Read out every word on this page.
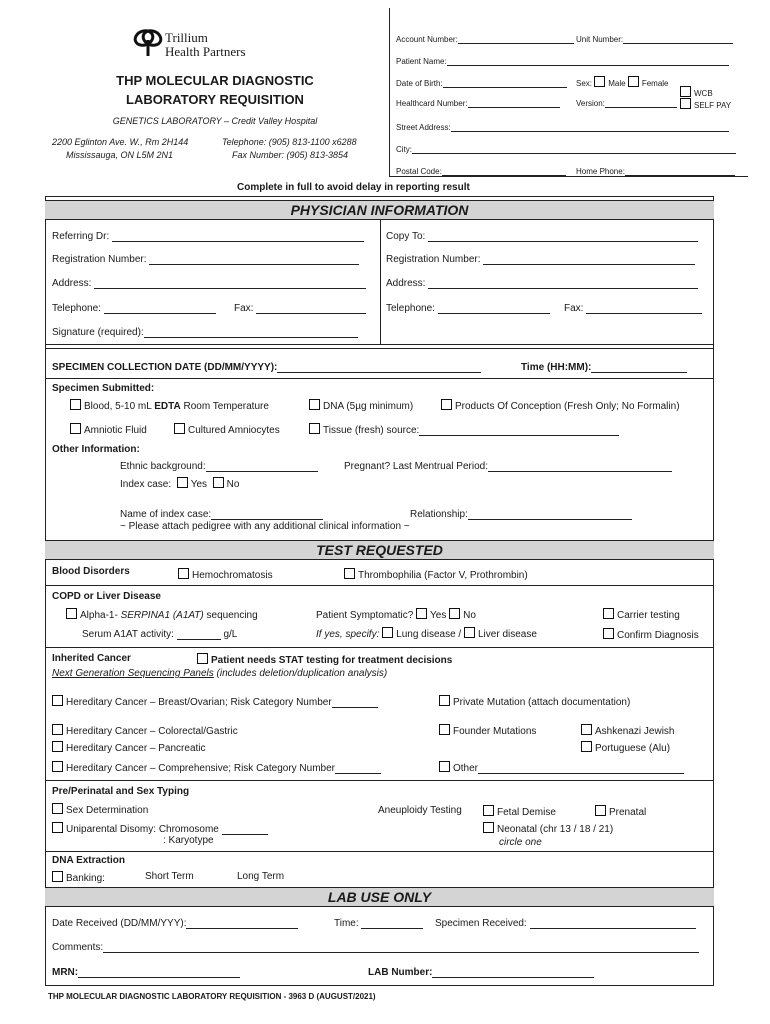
Trillium
Health Partners
THP MOLECULAR DIAGNOSTIC
LABORATORY REQUISITION
GENETICS LABORATORY – Credit Valley Hospital
2200 Eglinton Ave. W., Rm 2H144
Mississauga, ON L5M 2N1
Telephone: (905) 813-1100 x6288
Fax Number: (905) 813-3854
Account Number:	Unit Number:
Patient Name:
Date of Birth:	Sex: Male Female
WCB
SELF PAY
Healthcard Number:	Version:
Street Address:
City:
Postal Code:	Home Phone:
Complete in full to avoid delay in reporting result
PHYSICIAN INFORMATION
Referring Dr:	Copy To:
Registration Number:	Registration Number:
Address:	Address:
Telephone:	Fax:	Telephone:	Fax:
Signature (required):
SPECIMEN COLLECTION DATE (DD/MM/YYYY):	Time (HH:MM):
Specimen Submitted:
Blood, 5-10 mL EDTA Room Temperature	DNA (5µg minimum)	Products Of Conception (Fresh Only; No Formalin)
Amniotic Fluid	Cultured Amniocytes	Tissue (fresh) source:
Other Information:
Ethnic background:	Pregnant? Last Mentrual Period:
Index case: Yes No
Name of index case:	Relationship:
~ Please attach pedigree with any additional clinical information ~
TEST REQUESTED
Blood Disorders	Hemochromatosis	Thrombophilia (Factor V, Prothrombin)
COPD or Liver Disease
Alpha-1- SERPINA1 (A1AT) sequencing	Patient Symptomatic? Yes No	Carrier testing
Serum A1AT activity:	g/L	If yes, specify: Lung disease / Liver disease	Confirm Diagnosis
Inherited Cancer	Patient needs STAT testing for treatment decisions
Next Generation Sequencing Panels (includes deletion/duplication analysis)
Hereditary Cancer – Breast/Ovarian; Risk Category Number	Private Mutation (attach documentation)
Hereditary Cancer – Colorectal/Gastric	Founder Mutations	Ashkenazi Jewish
Hereditary Cancer – Pancreatic	Portuguese (Alu)
Hereditary Cancer – Comprehensive; Risk Category Number	Other
Pre/Perinatal and Sex Typing
Sex Determination	Aneuploidy Testing	Fetal Demise	Prenatal
Uniparental Disomy: Chromosome	Neonatal (chr 13 / 18 / 21)
: Karyotype	circle one
DNA Extraction
Banking:	Short Term	Long Term
LAB USE ONLY
Date Received (DD/MM/YYY):	Time:	Specimen Received:
Comments:
MRN:	LAB Number:
THP MOLECULAR DIAGNOSTIC LABORATORY REQUISITION - 3963 D (AUGUST/2021)
